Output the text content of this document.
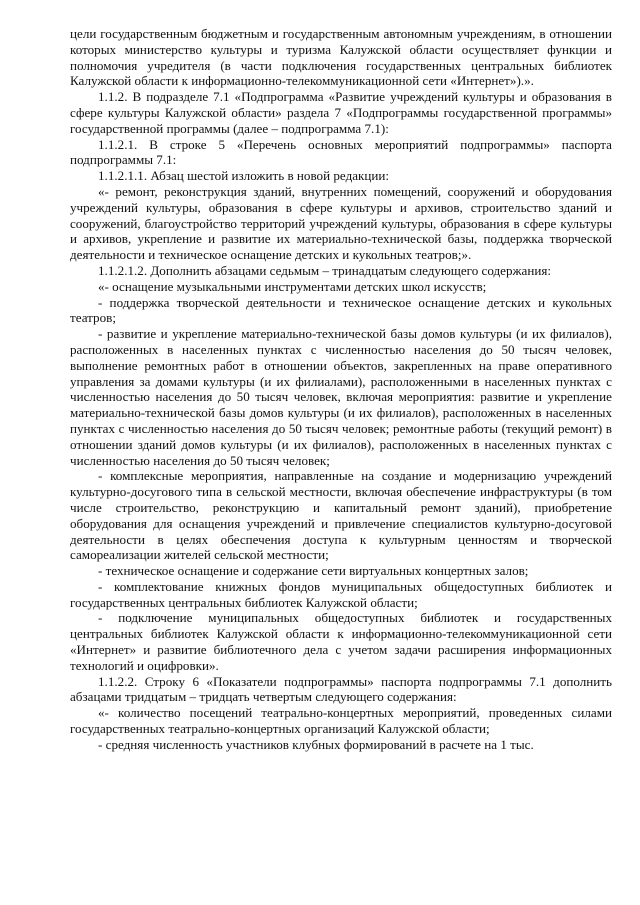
цели государственным бюджетным и государственным автономным учреждениям, в отношении которых министерство культуры и туризма Калужской области осуществляет функции и полномочия учредителя (в части подключения государственных центральных библиотек Калужской области к информационно-телекоммуникационной сети «Интернет»).».

1.1.2. В подразделе 7.1 «Подпрограмма «Развитие учреждений культуры и образования в сфере культуры Калужской области» раздела 7 «Подпрограммы государственной программы» государственной программы (далее – подпрограмма 7.1):

1.1.2.1. В строке 5 «Перечень основных мероприятий подпрограммы» паспорта подпрограммы 7.1:

1.1.2.1.1. Абзац шестой изложить в новой редакции:

«- ремонт, реконструкция зданий, внутренних помещений, сооружений и оборудования учреждений культуры, образования в сфере культуры и архивов, строительство зданий и сооружений, благоустройство территорий учреждений культуры, образования в сфере культуры и архивов, укрепление и развитие их материально-технической базы, поддержка творческой деятельности и техническое оснащение детских и кукольных театров;».

1.1.2.1.2. Дополнить абзацами седьмым – тринадцатым следующего содержания:

«- оснащение музыкальными инструментами детских школ искусств;

- поддержка творческой деятельности и техническое оснащение детских и кукольных театров;

- развитие и укрепление материально-технической базы домов культуры (и их филиалов), расположенных в населенных пунктах с численностью населения до 50 тысяч человек, выполнение ремонтных работ в отношении объектов, закрепленных на праве оперативного управления за домами культуры (и их филиалами), расположенными в населенных пунктах с численностью населения до 50 тысяч человек, включая мероприятия: развитие и укрепление материально-технической базы домов культуры (и их филиалов), расположенных в населенных пунктах с численностью населения до 50 тысяч человек; ремонтные работы (текущий ремонт) в отношении зданий домов культуры (и их филиалов), расположенных в населенных пунктах с численностью населения до 50 тысяч человек;

- комплексные мероприятия, направленные на создание и модернизацию учреждений культурно-досугового типа в сельской местности, включая обеспечение инфраструктуры (в том числе строительство, реконструкцию и капитальный ремонт зданий), приобретение оборудования для оснащения учреждений и привлечение специалистов культурно-досуговой деятельности в целях обеспечения доступа к культурным ценностям и творческой самореализации жителей сельской местности;

- техническое оснащение и содержание сети виртуальных концертных залов;

- комплектование книжных фондов муниципальных общедоступных библиотек и государственных центральных библиотек Калужской области;

- подключение муниципальных общедоступных библиотек и государственных центральных библиотек Калужской области к информационно-телекоммуникационной сети «Интернет» и развитие библиотечного дела с учетом задачи расширения информационных технологий и оцифровки».

1.1.2.2. Строку 6 «Показатели подпрограммы» паспорта подпрограммы 7.1 дополнить абзацами тридцатым – тридцать четвертым следующего содержания:

«- количество посещений театрально-концертных мероприятий, проведенных силами государственных театрально-концертных организаций Калужской области;

- средняя численность участников клубных формирований в расчете на 1 тыс.
